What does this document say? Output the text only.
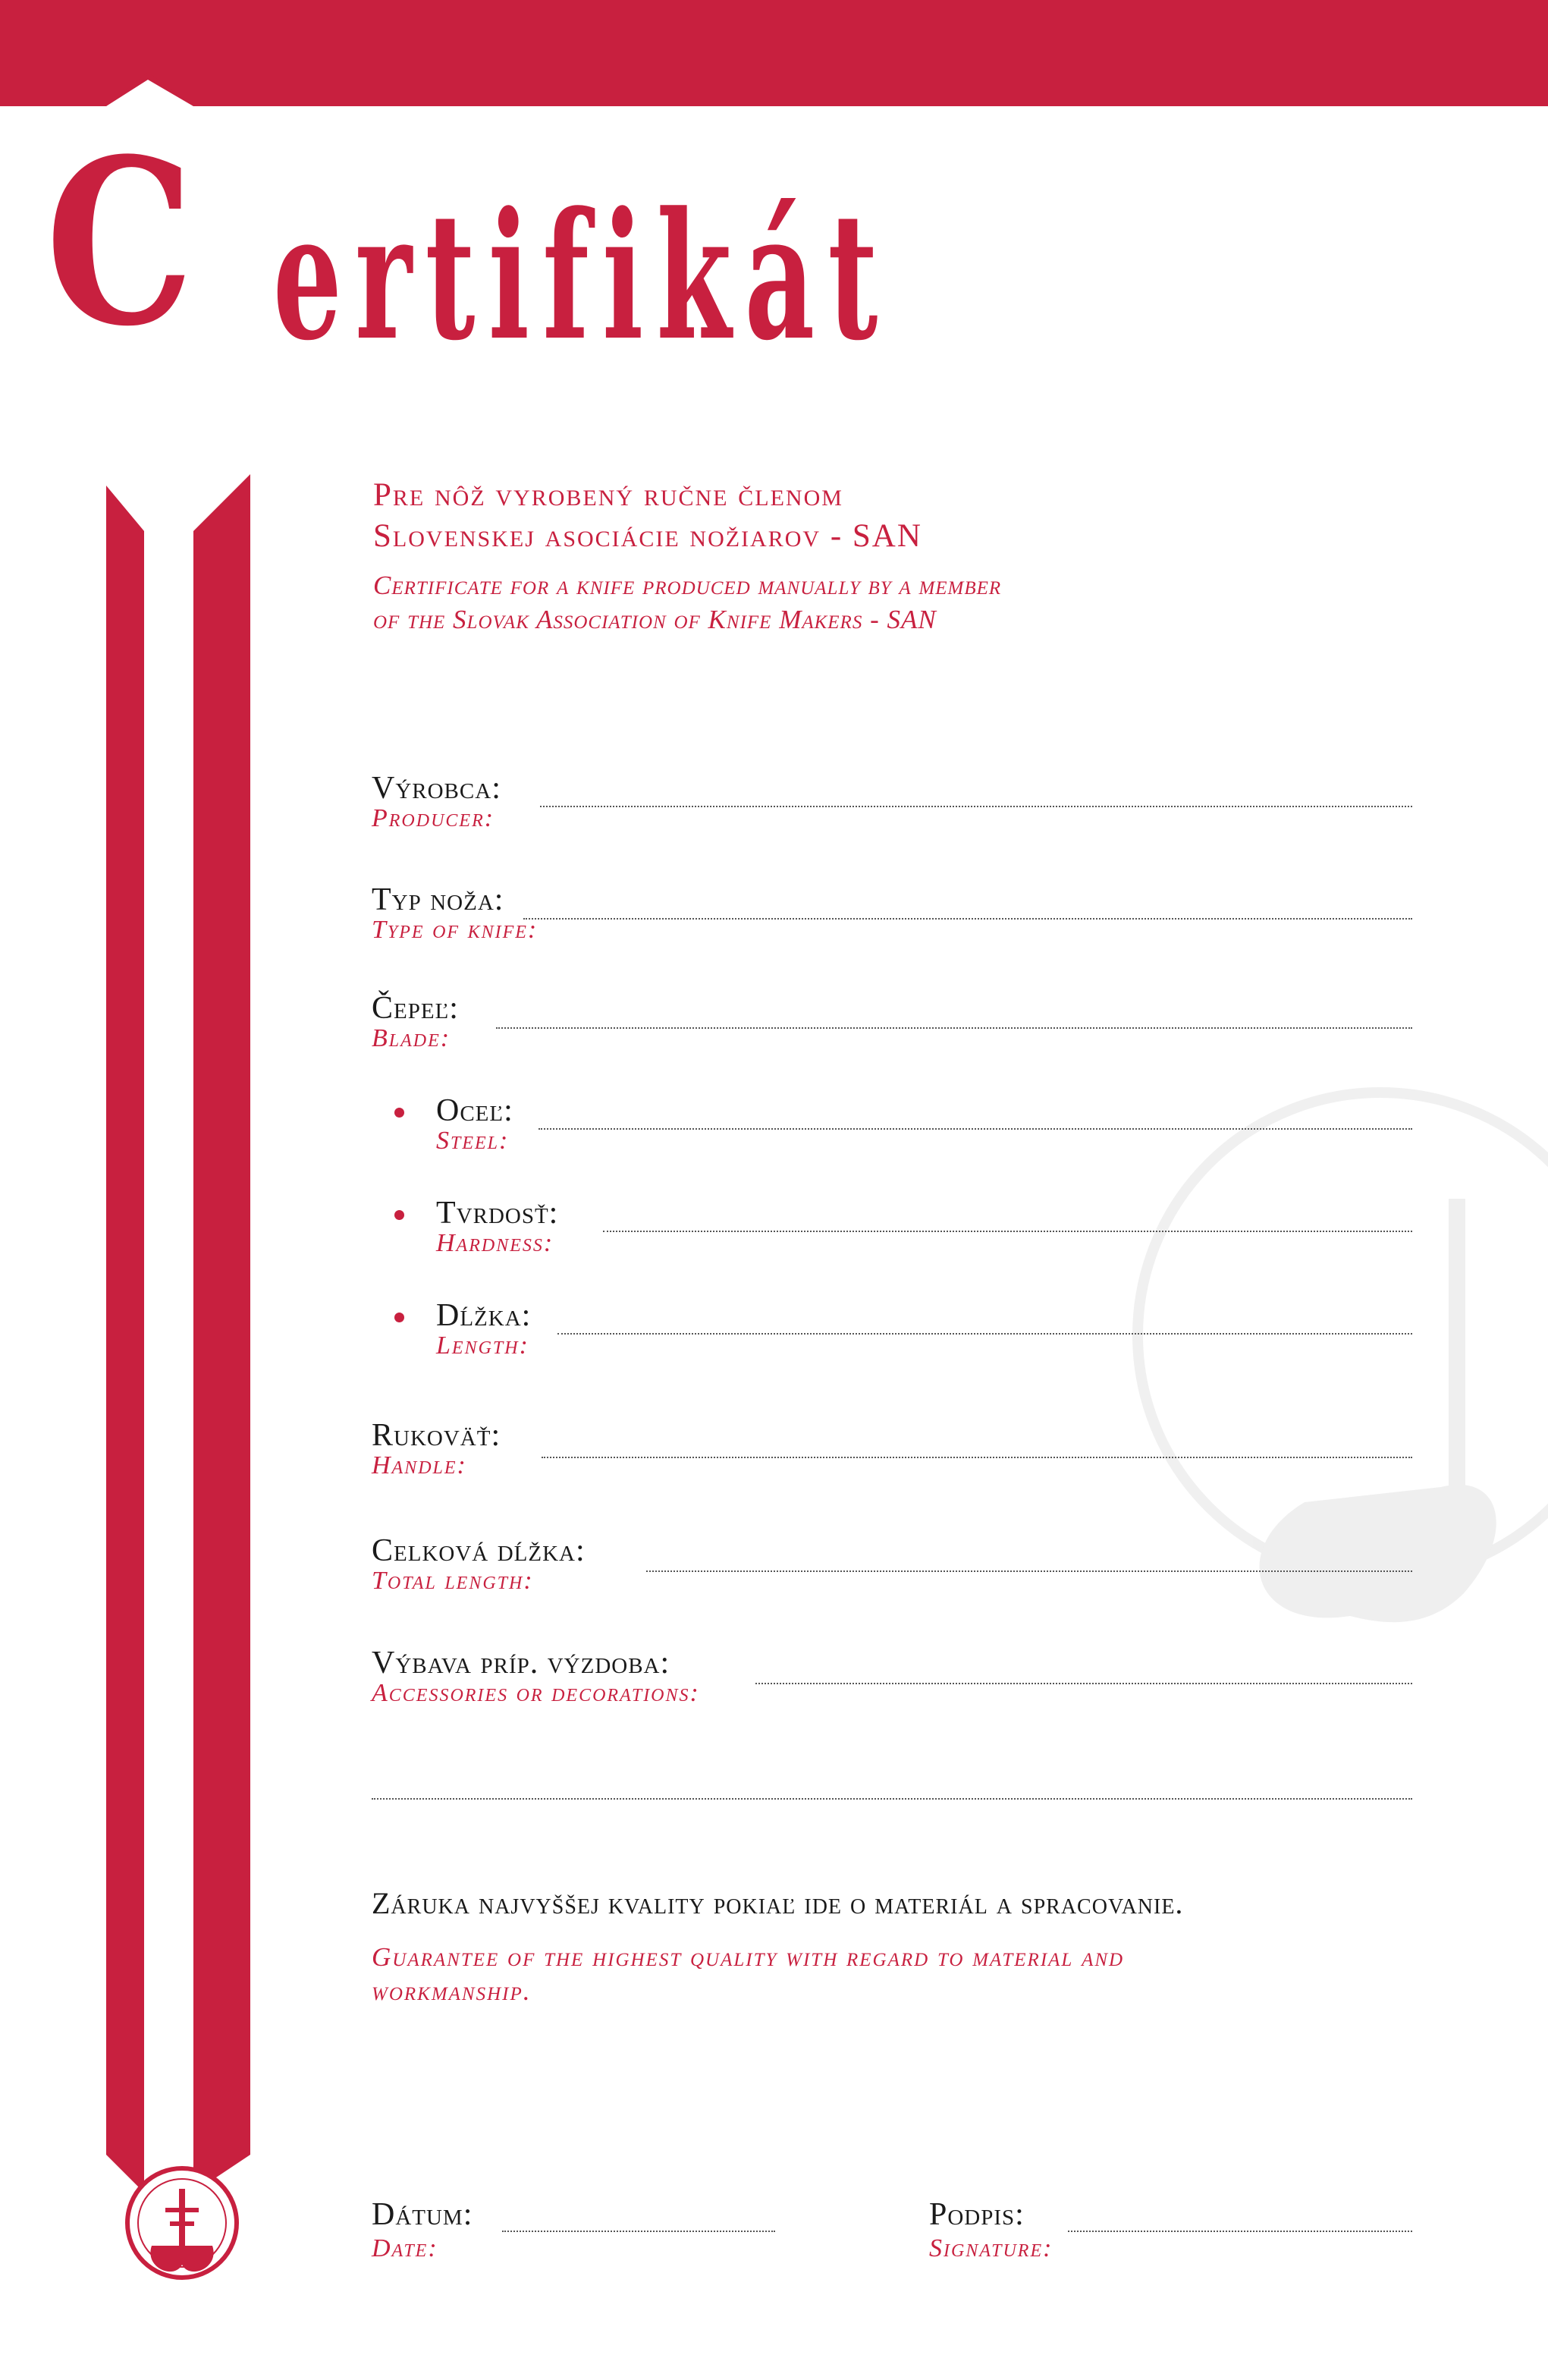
C ertifikát
Pre nôž vyrobený ručne členom
Slovenskej asociácie nožiarov - SAN
Certificate for a knife produced manually by a member
of the Slovak Association of Knife Makers - SAN
Výrobca:
Producer:
Typ noža:
Type of knife:
Čepeľ:
Blade:
Oceľ:
Steel:
Tvrdosť:
Hardness:
Dĺžka:
Length:
Rukoväť:
Handle:
Celková dĺžka:
Total length:
Výbava príp. výzdoba:
Accessories or decorations:
Záruka najvyššej kvality pokiaľ ide o materiál a spracovanie.
Guarantee of the highest quality with regard to material and
workmanship.
Dátum:
Date:
Podpis:
Signature:
